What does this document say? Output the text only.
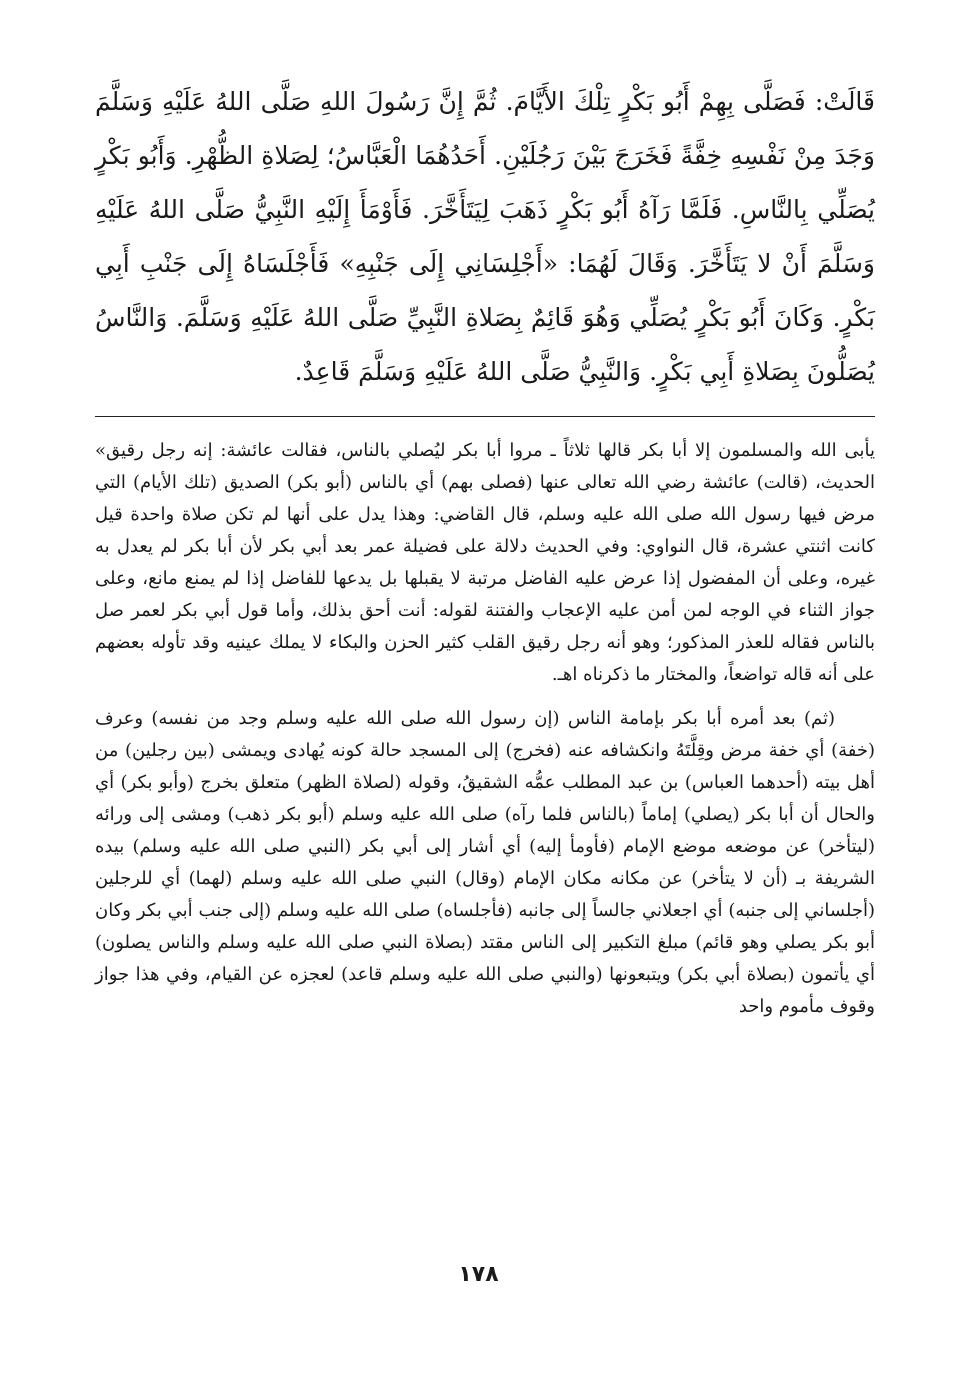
قَالَتْ: فَصَلَّى بِهِمْ أَبُو بَكْرٍ تِلْكَ الأَيَّامَ. ثُمَّ إِنَّ رَسُولَ اللهِ صَلَّى اللهُ عَلَيْهِ وَسَلَّمَ وَجَدَ مِنْ نَفْسِهِ خِفَّةً فَخَرَجَ بَيْنَ رَجُلَيْنِ. أَحَدُهُمَا الْعَبَّاسُ؛ لِصَلاةِ الظُّهْرِ. وَأَبُو بَكْرٍ يُصَلِّي بِالنَّاسِ. فَلَمَّا رَآهُ أَبُو بَكْرٍ ذَهَبَ لِيَتَأَخَّرَ. فَأَوْمَأَ إِلَيْهِ النَّبِيُّ صَلَّى اللهُ عَلَيْهِ وَسَلَّمَ أَنْ لا يَتَأَخَّرَ. وَقَالَ لَهُمَا: «أَجْلِسَانِي إِلَى جَنْبِهِ» فَأَجْلَسَاهُ إِلَى جَنْبِ أَبِي بَكْرٍ. وَكَانَ أَبُو بَكْرٍ يُصَلِّي وَهُوَ قَائِمٌ بِصَلاةِ النَّبِيِّ صَلَّى اللهُ عَلَيْهِ وَسَلَّمَ. وَالنَّاسُ يُصَلُّونَ بِصَلاةِ أَبِي بَكْرٍ. وَالنَّبِيُّ صَلَّى اللهُ عَلَيْهِ وَسَلَّمَ قَاعِدٌ.

يأبى الله والمسلمون إلا أبا بكر قالها ثلاثاً ـ مروا أبا بكر ليُصلي بالناس، فقالت عائشة: إنه رجل رقيق» الحديث، (قالت) عائشة رضي الله تعالى عنها (فصلى بهم) أي بالناس (أبو بكر) الصديق (تلك الأيام) التي مرض فيها رسول الله صلى الله عليه وسلم، قال القاضي: وهذا يدل على أنها لم تكن صلاة واحدة قيل كانت اثنتي عشرة، قال النواوي: وفي الحديث دلالة على فضيلة عمر بعد أبي بكر لأن أبا بكر لم يعدل به غيره، وعلى أن المفضول إذا عرض عليه الفاضل مرتبة لا يقبلها بل يدعها للفاضل إذا لم يمنع مانع، وعلى جواز الثناء في الوجه لمن أمن عليه الإعجاب والفتنة لقوله: أنت أحق بذلك، وأما قول أبي بكر لعمر صل بالناس فقاله للعذر المذكور؛ وهو أنه رجل رقيق القلب كثير الحزن والبكاء لا يملك عينيه وقد تأوله بعضهم على أنه قاله تواضعاً، والمختار ما ذكرناه اهـ.

(ثم) بعد أمره أبا بكر بإمامة الناس (إن رسول الله صلى الله عليه وسلم وجد من نفسه) وعرف (خفة) أي خفة مرض وقِلَّتَهُ وانكشافه عنه (فخرج) إلى المسجد حالة كونه يُهادى ويمشى (بين رجلين) من أهل بيته (أحدهما العباس) بن عبد المطلب عمُّه الشقيقُ، وقوله (لصلاة الظهر) متعلق بخرج (وأبو بكر) أي والحال أن أبا بكر (يصلي) إماماً (بالناس فلما رآه) صلى الله عليه وسلم (أبو بكر ذهب) ومشى إلى ورائه (ليتأخر) عن موضعه موضع الإمام (فأومأ إليه) أي أشار إلى أبي بكر (النبي صلى الله عليه وسلم) بيده الشريفة بـ (أن لا يتأخر) عن مكانه مكان الإمام (وقال) النبي صلى الله عليه وسلم (لهما) أي للرجلين (أجلساني إلى جنبه) أي اجعلاني جالساً إلى جانبه (فأجلساه) صلى الله عليه وسلم (إلى جنب أبي بكر وكان أبو بكر يصلي وهو قائم) مبلغ التكبير إلى الناس مقتد (بصلاة النبي صلى الله عليه وسلم والناس يصلون) أي يأتمون (بصلاة أبي بكر) ويتبعونها (والنبي صلى الله عليه وسلم قاعد) لعجزه عن القيام، وفي هذا جواز وقوف مأموم واحد

١٧٨
